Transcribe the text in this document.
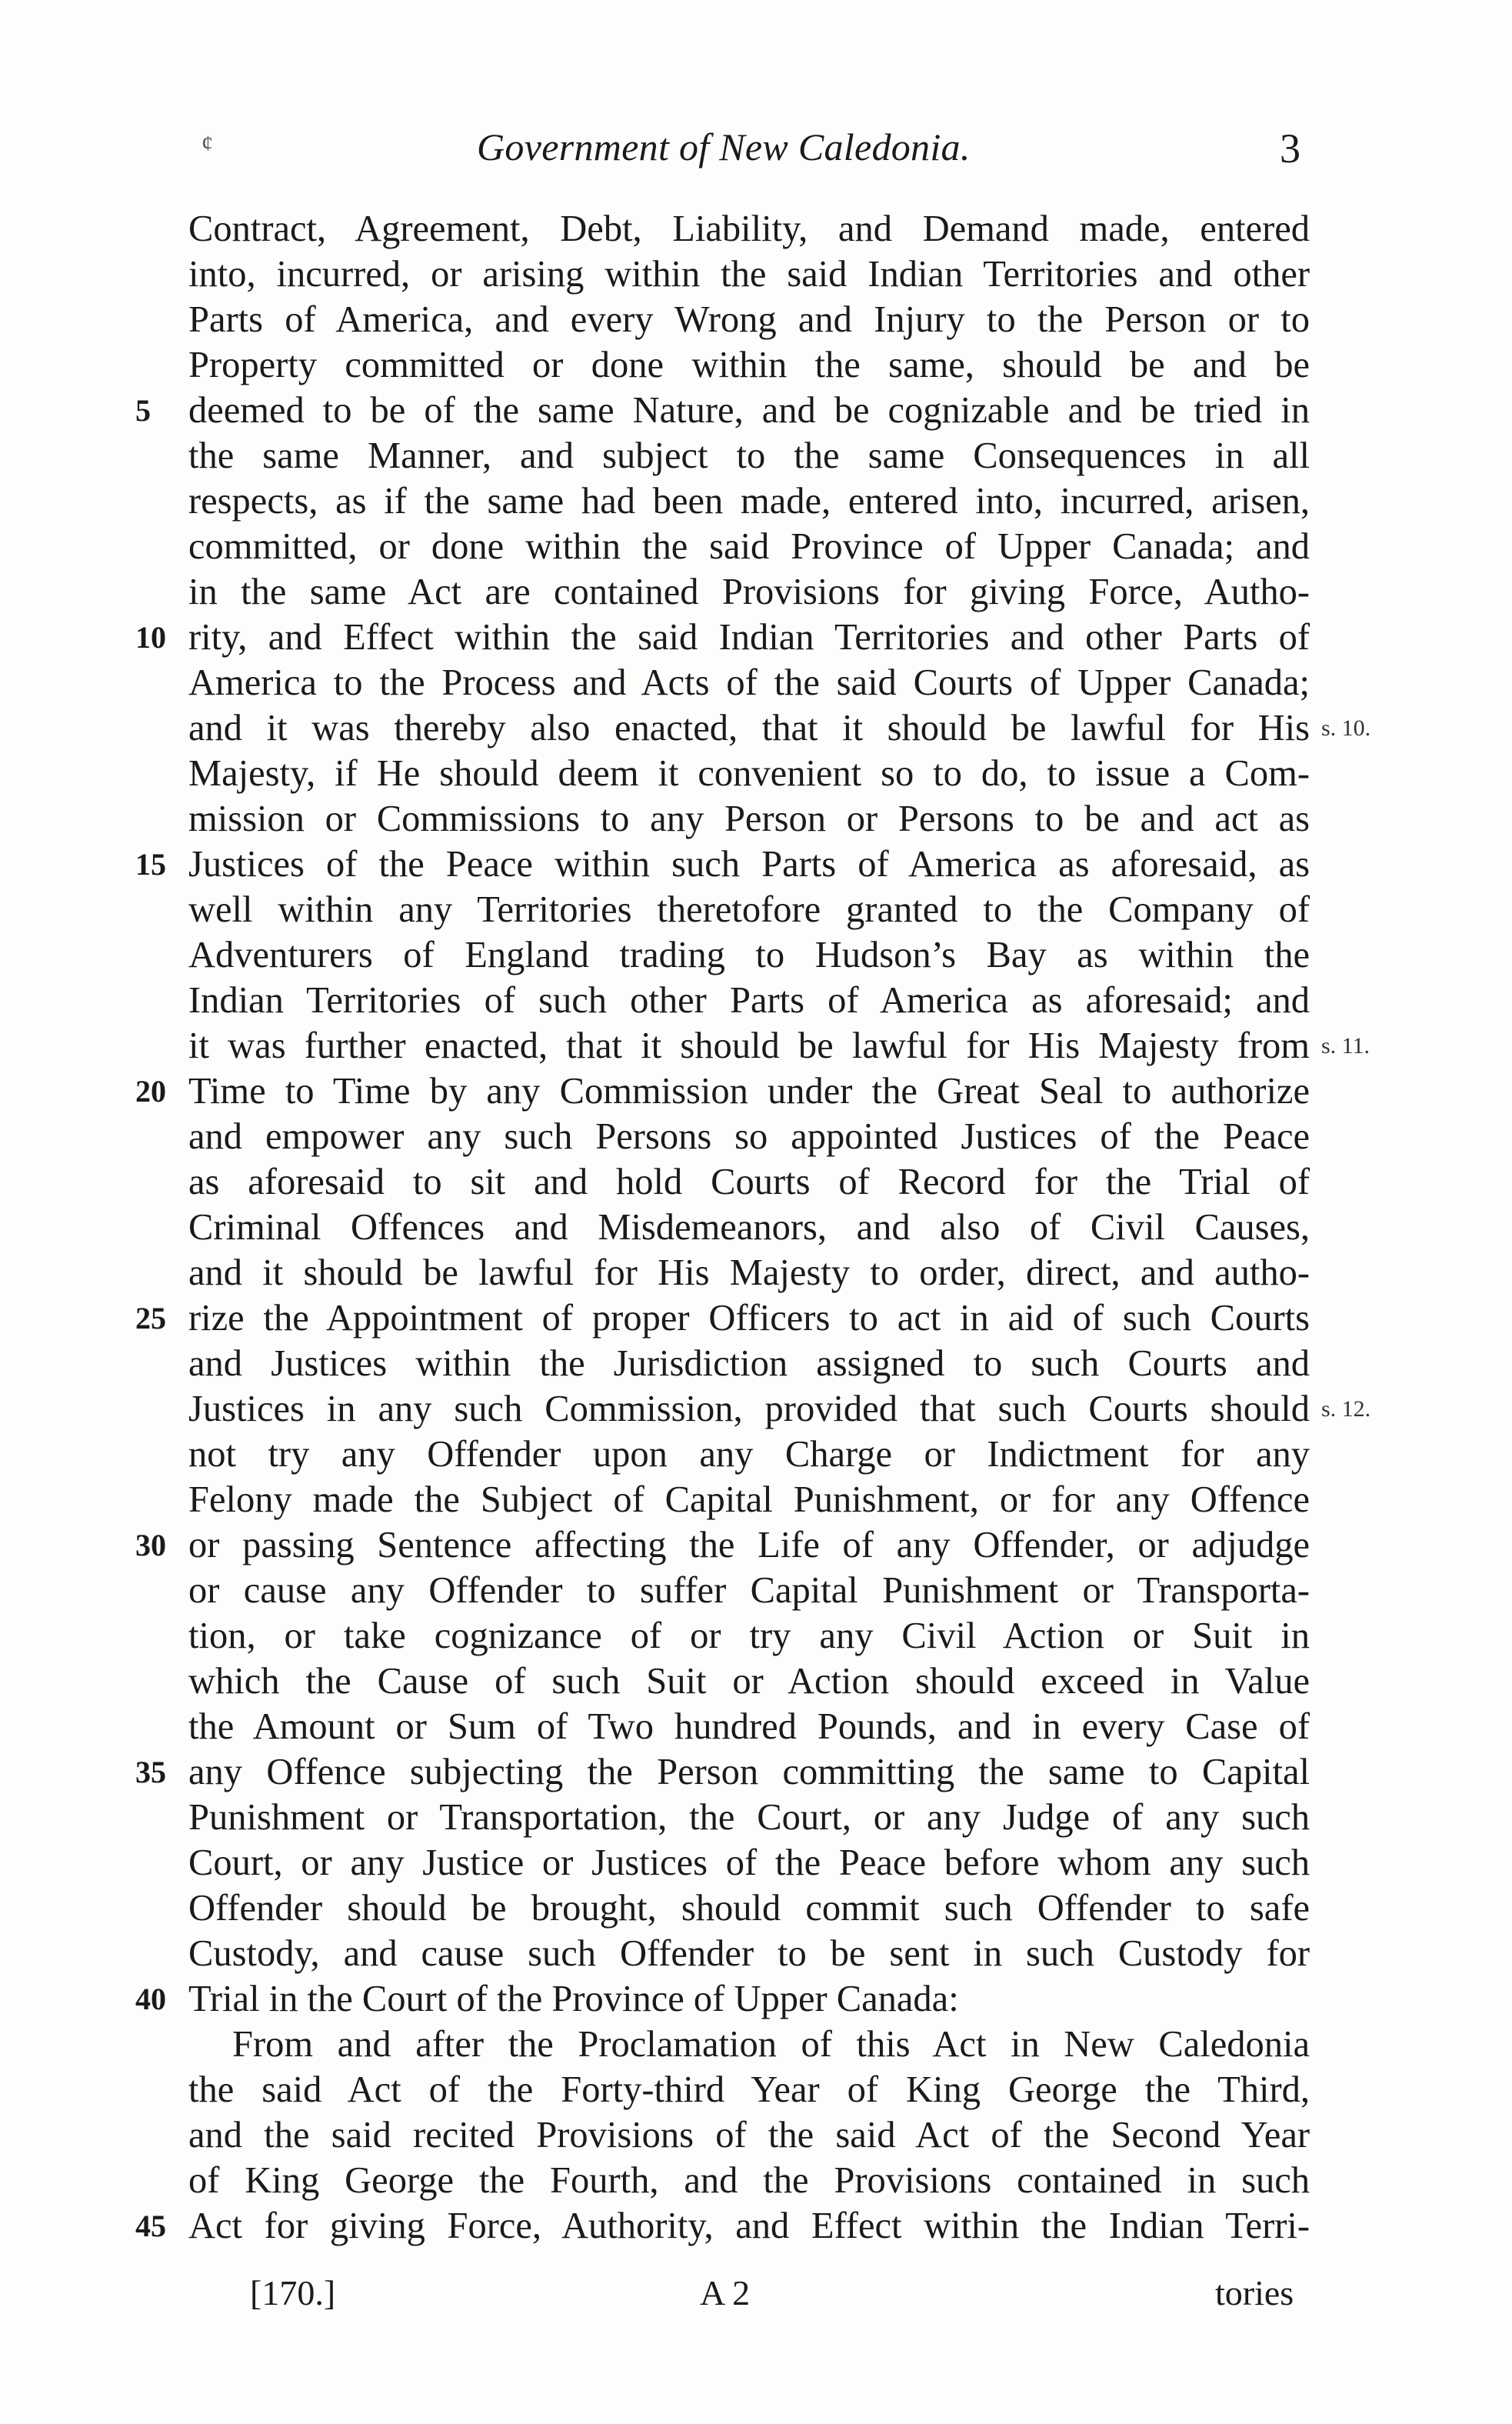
¢	Government of New Caledonia.	3
Contract, Agreement, Debt, Liability, and Demand made, entered
into, incurred, or arising within the said Indian Territories and other
Parts of America, and every Wrong and Injury to the Person or to
Property committed or done within the same, should be and be
deemed to be of the same Nature, and be cognizable and be tried in
the same Manner, and subject to the same Consequences in all
respects, as if the same had been made, entered into, incurred, arisen,
committed, or done within the said Province of Upper Canada; and
in the same Act are contained Provisions for giving Force, Autho-
rity, and Effect within the said Indian Territories and other Parts of
America to the Process and Acts of the said Courts of Upper Canada;
and it was thereby also enacted, that it should be lawful for His
Majesty, if He should deem it convenient so to do, to issue a Com-
mission or Commissions to any Person or Persons to be and act as
Justices of the Peace within such Parts of America as aforesaid, as
well within any Territories theretofore granted to the Company of
Adventurers of England trading to Hudson’s Bay as within the
Indian Territories of such other Parts of America as aforesaid; and
it was further enacted, that it should be lawful for His Majesty from
Time to Time by any Commission under the Great Seal to authorize
and empower any such Persons so appointed Justices of the Peace
as aforesaid to sit and hold Courts of Record for the Trial of
Criminal Offences and Misdemeanors, and also of Civil Causes,
and it should be lawful for His Majesty to order, direct, and autho-
rize the Appointment of proper Officers to act in aid of such Courts
and Justices within the Jurisdiction assigned to such Courts and
Justices in any such Commission, provided that such Courts should
not try any Offender upon any Charge or Indictment for any
Felony made the Subject of Capital Punishment, or for any Offence
or passing Sentence affecting the Life of any Offender, or adjudge
or cause any Offender to suffer Capital Punishment or Transporta-
tion, or take cognizance of or try any Civil Action or Suit in
which the Cause of such Suit or Action should exceed in Value
the Amount or Sum of Two hundred Pounds, and in every Case of
any Offence subjecting the Person committing the same to Capital
Punishment or Transportation, the Court, or any Judge of any such
Court, or any Justice or Justices of the Peace before whom any such
Offender should be brought, should commit such Offender to safe
Custody, and cause such Offender to be sent in such Custody for
Trial in the Court of the Province of Upper Canada:
From and after the Proclamation of this Act in New Caledonia
the said Act of the Forty-third Year of King George the Third,
and the said recited Provisions of the said Act of the Second Year
of King George the Fourth, and the Provisions contained in such
Act for giving Force, Authority, and Effect within the Indian Terri-
5
10
15
20
25
30
35
40
45
s. 10.
s. 11.
s. 12.
[170.]	A 2	tories
